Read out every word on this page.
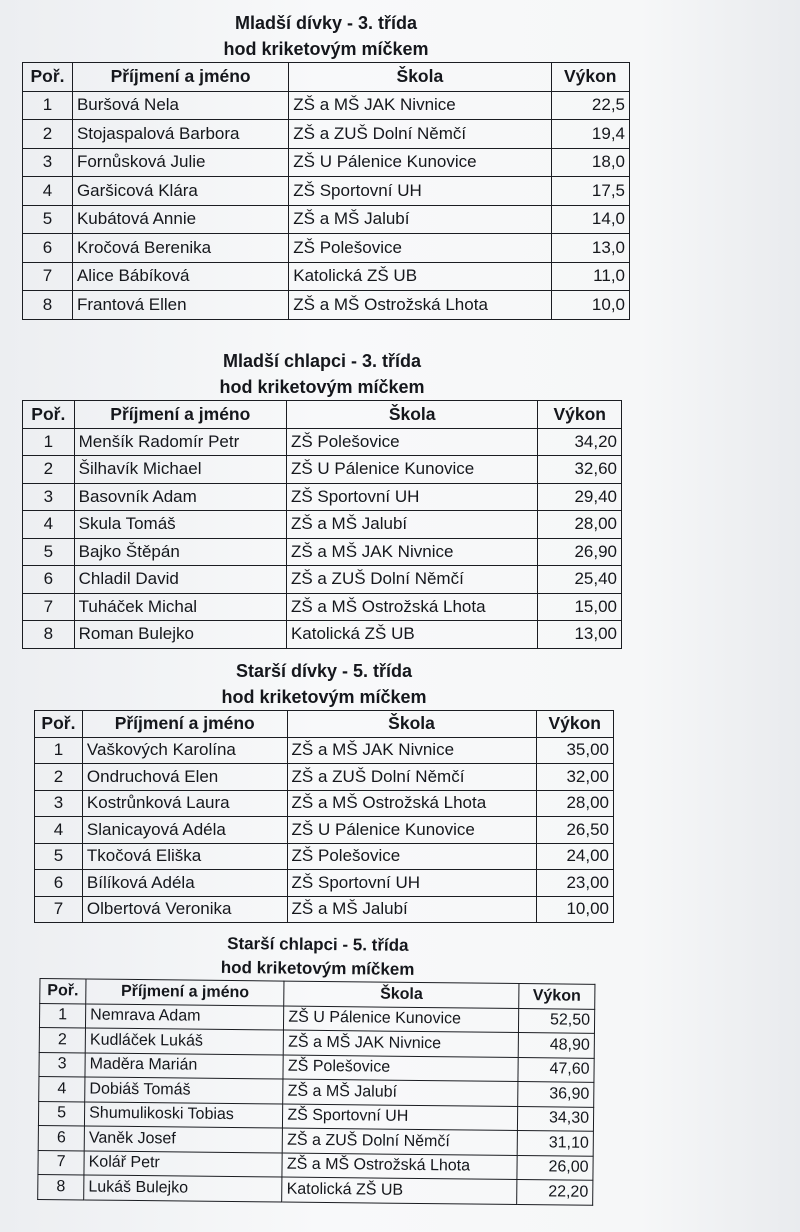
Mladší dívky - 3. třída
hod kriketovým míčkem
Poř.	Příjmení a jméno	Škola	Výkon
1	Buršová Nela	ZŠ a MŠ JAK Nivnice	22,5
2	Stojaspalová Barbora	ZŠ a ZUŠ Dolní Němčí	19,4
3	Fornůsková Julie	ZŠ U Pálenice Kunovice	18,0
4	Garšicová Klára	ZŠ Sportovní UH	17,5
5	Kubátová Annie	ZŠ a MŠ Jalubí	14,0
6	Kročová Berenika	ZŠ Polešovice	13,0
7	Alice Bábíková	Katolická ZŠ UB	11,0
8	Frantová Ellen	ZŠ a MŠ Ostrožská Lhota	10,0
Mladší chlapci - 3. třída
hod kriketovým míčkem
Poř.	Příjmení a jméno	Škola	Výkon
1	Menšík Radomír Petr	ZŠ Polešovice	34,20
2	Šilhavík Michael	ZŠ U Pálenice Kunovice	32,60
3	Basovník Adam	ZŠ Sportovní UH	29,40
4	Skula Tomáš	ZŠ a MŠ Jalubí	28,00
5	Bajko Štěpán	ZŠ a MŠ JAK Nivnice	26,90
6	Chladil David	ZŠ a ZUŠ Dolní Němčí	25,40
7	Tuháček Michal	ZŠ a MŠ Ostrožská Lhota	15,00
8	Roman Bulejko	Katolická ZŠ UB	13,00
Starší dívky - 5. třída
hod kriketovým míčkem
Poř.	Příjmení a jméno	Škola	Výkon
1	Vaškových Karolína	ZŠ a MŠ JAK Nivnice	35,00
2	Ondruchová Elen	ZŠ a ZUŠ Dolní Němčí	32,00
3	Kostrůnková Laura	ZŠ a MŠ Ostrožská Lhota	28,00
4	Slanicayová Adéla	ZŠ U Pálenice Kunovice	26,50
5	Tkočová Eliška	ZŠ Polešovice	24,00
6	Bílíková Adéla	ZŠ Sportovní UH	23,00
7	Olbertová Veronika	ZŠ a MŠ Jalubí	10,00
Starší chlapci - 5. třída
hod kriketovým míčkem
Poř.	Příjmení a jméno	Škola	Výkon
1	Nemrava Adam	ZŠ U Pálenice Kunovice	52,50
2	Kudláček Lukáš	ZŠ a MŠ JAK Nivnice	48,90
3	Maděra Marián	ZŠ Polešovice	47,60
4	Dobiáš Tomáš	ZŠ a MŠ Jalubí	36,90
5	Shumulikoski Tobias	ZŠ Sportovní UH	34,30
6	Vaněk Josef	ZŠ a ZUŠ Dolní Němčí	31,10
7	Kolář Petr	ZŠ a MŠ Ostrožská Lhota	26,00
8	Lukáš Bulejko	Katolická ZŠ UB	22,20
